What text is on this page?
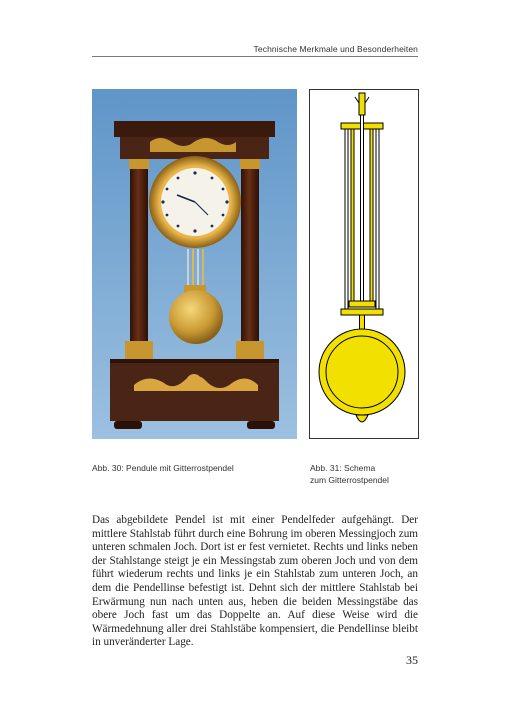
Technische Merkmale und Besonderheiten
Abb. 30: Pendule mit Gitterrostpendel	Abb. 31: Schema
zum Gitterrostpendel
Das abgebildete Pendel ist mit einer Pendelfeder aufgehängt. Der mittlere Stahlstab führt durch eine Bohrung im oberen Messingjoch zum unteren schmalen Joch. Dort ist er fest vernietet. Rechts und links neben der Stahlstange steigt je ein Messingstab zum oberen Joch und von dem führt wiederum rechts und links je ein Stahlstab zum unteren Joch, an dem die Pendellinse befestigt ist. Dehnt sich der mittlere Stahlstab bei Erwärmung nun nach unten aus, heben die beiden Messingstäbe das obere Joch fast um das Doppelte an. Auf diese Weise wird die Wärmedehnung aller drei Stahlstäbe kompensiert, die Pendellinse bleibt in unveränderter Lage.
35
